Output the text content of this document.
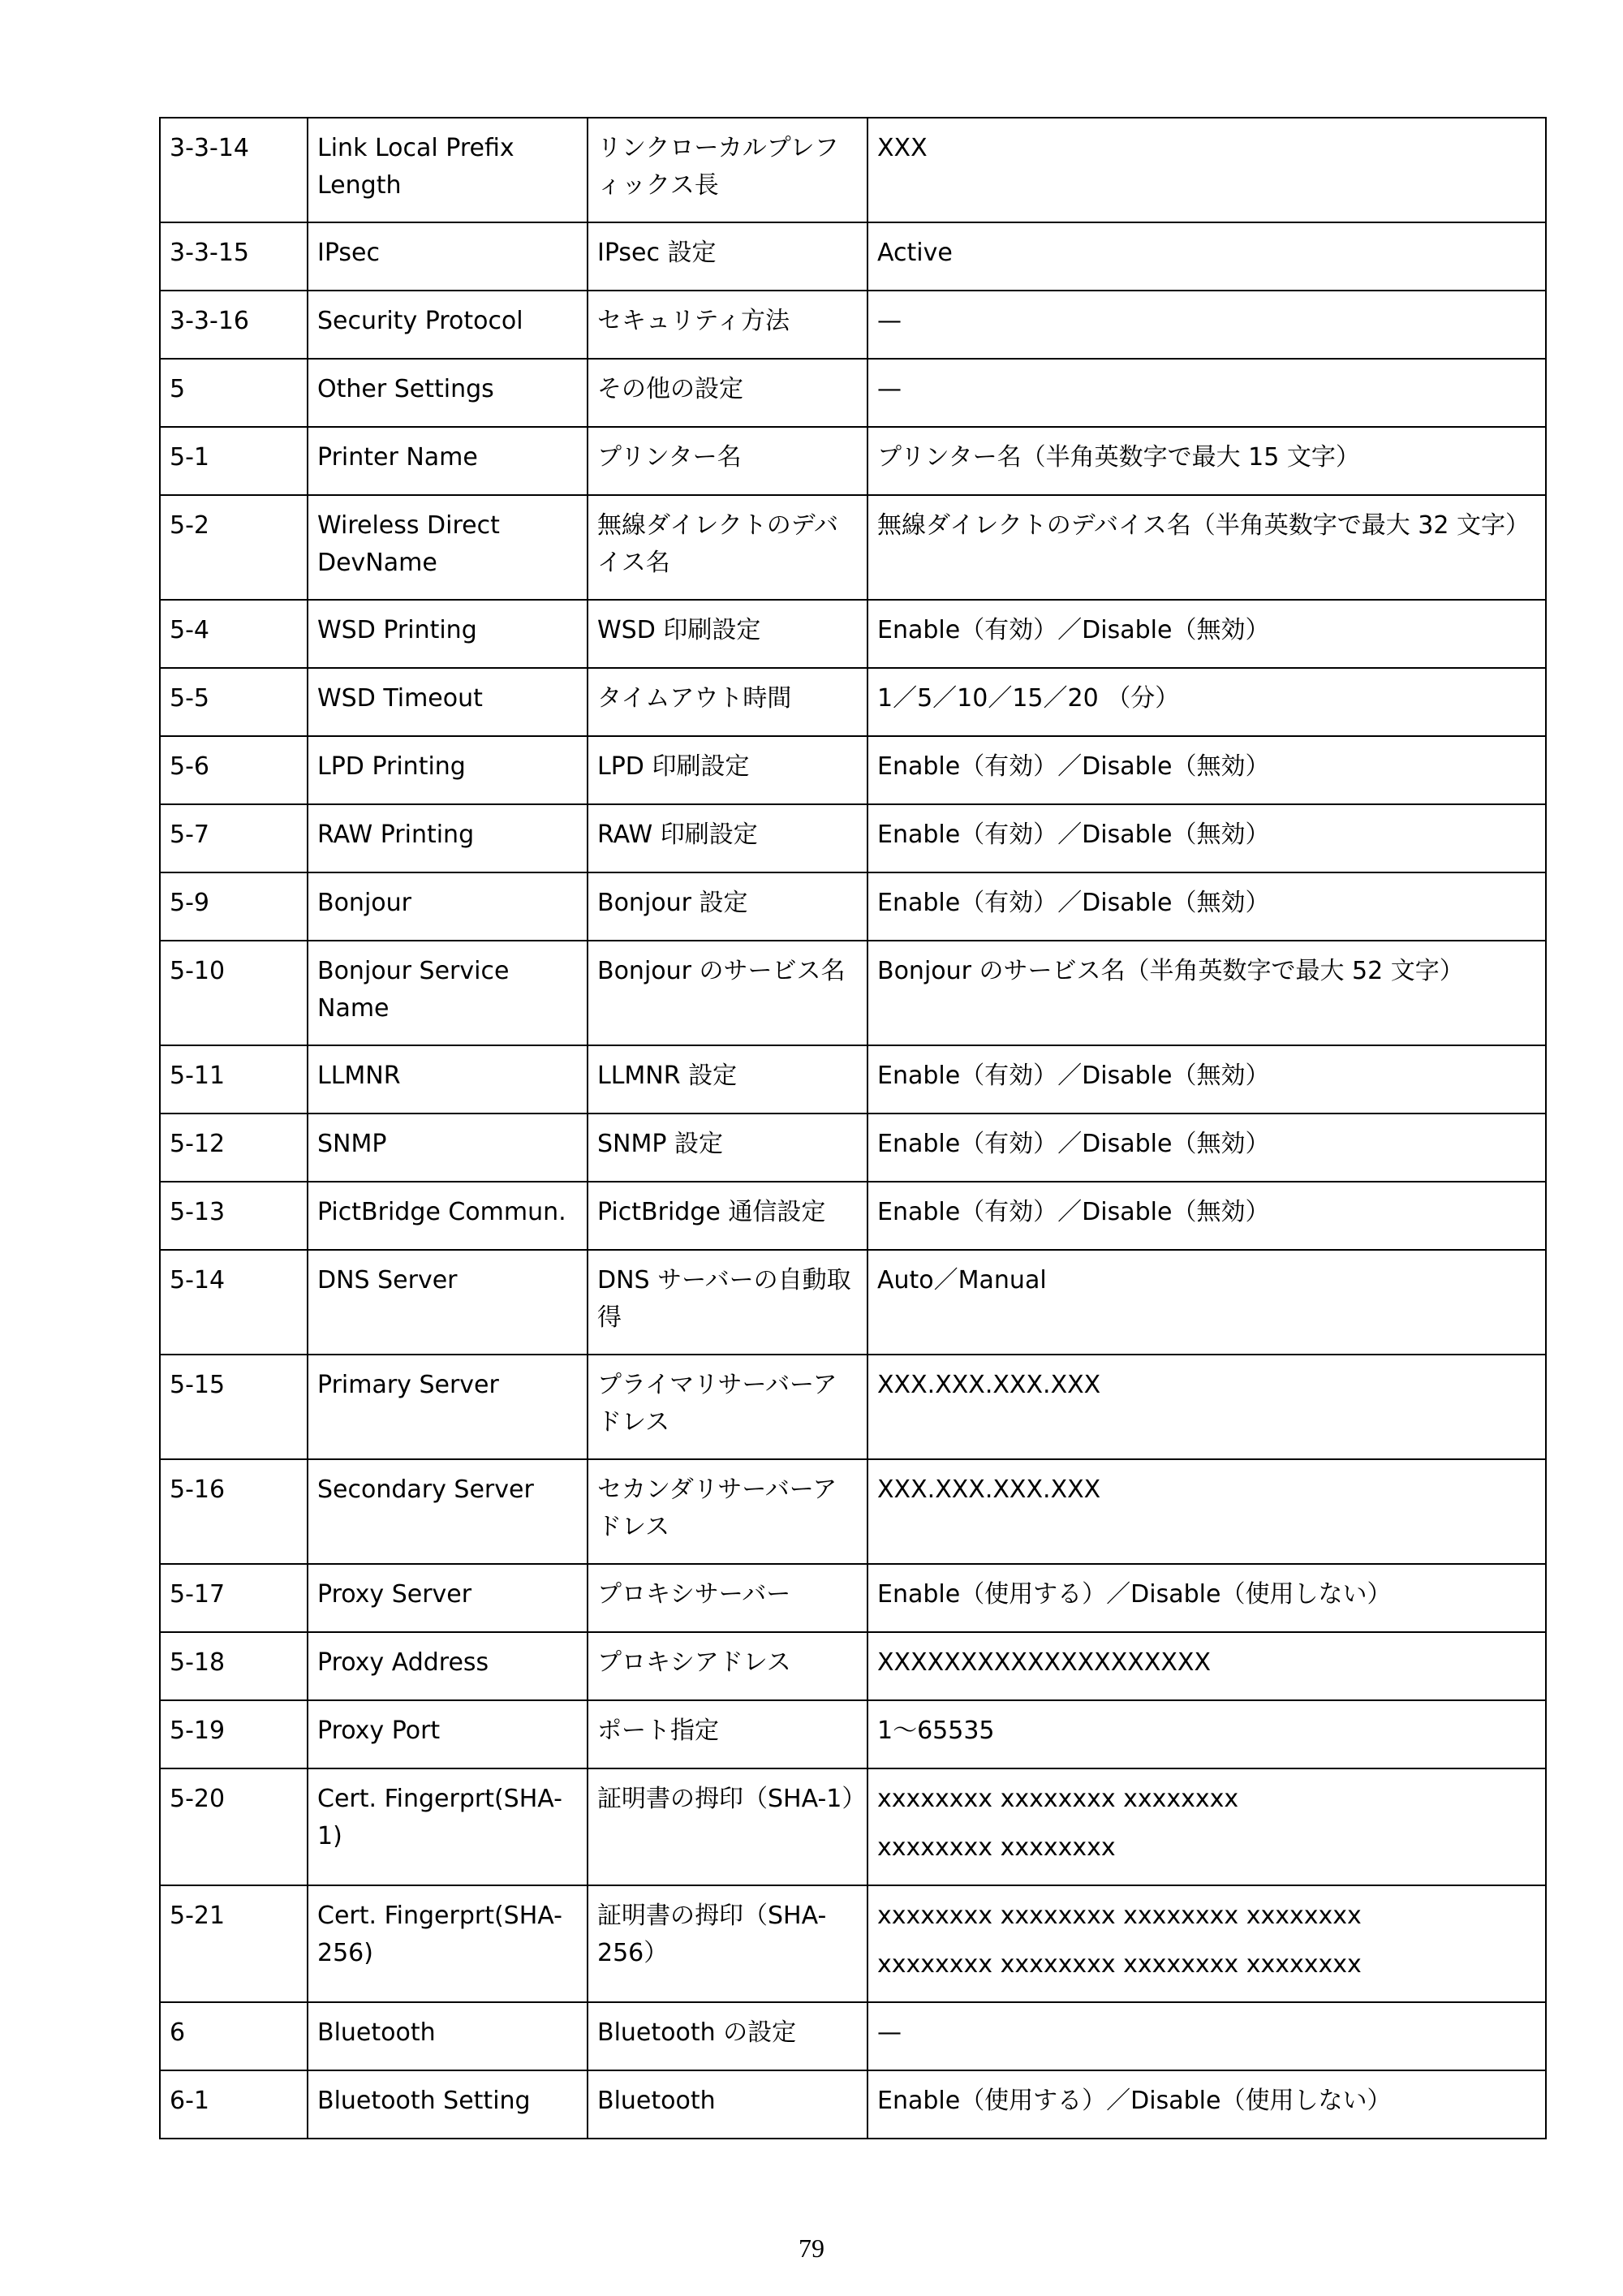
3-3-14	Link Local Prefix Length	リンクローカルプレフィックス長	XXX
3-3-15	IPsec	IPsec 設定	Active
3-3-16	Security Protocol	セキュリティ方法	—
5	Other Settings	その他の設定	—
5-1	Printer Name	プリンター名	プリンター名（半角英数字で最大 15 文字）
5-2	Wireless Direct DevName	無線ダイレクトのデバイス名	無線ダイレクトのデバイス名（半角英数字で最大 32 文字）
5-4	WSD Printing	WSD 印刷設定	Enable（有効）／Disable（無効）
5-5	WSD Timeout	タイムアウト時間	1／5／10／15／20 （分）
5-6	LPD Printing	LPD 印刷設定	Enable（有効）／Disable（無効）
5-7	RAW Printing	RAW 印刷設定	Enable（有効）／Disable（無効）
5-9	Bonjour	Bonjour 設定	Enable（有効）／Disable（無効）
5-10	Bonjour Service Name	Bonjour のサービス名	Bonjour のサービス名（半角英数字で最大 52 文字）
5-11	LLMNR	LLMNR 設定	Enable（有効）／Disable（無効）
5-12	SNMP	SNMP 設定	Enable（有効）／Disable（無効）
5-13	PictBridge Commun.	PictBridge 通信設定	Enable（有効）／Disable（無効）
5-14	DNS Server	DNS サーバーの自動取得	Auto／Manual
5-15	Primary Server	プライマリサーバーアドレス	XXX.XXX.XXX.XXX
5-16	Secondary Server	セカンダリサーバーアドレス	XXX.XXX.XXX.XXX
5-17	Proxy Server	プロキシサーバー	Enable（使用する）／Disable（使用しない）
5-18	Proxy Address	プロキシアドレス	XXXXXXXXXXXXXXXXXXXX
5-19	Proxy Port	ポート指定	1～65535
5-20	Cert. Fingerprt(SHA-1)	証明書の拇印（SHA-1）	xxxxxxxx xxxxxxxx xxxxxxxx
xxxxxxxx xxxxxxxx

5-21	Cert. Fingerprt(SHA-256)	証明書の拇印（SHA-256）	xxxxxxxx xxxxxxxx xxxxxxxx xxxxxxxx
xxxxxxxx xxxxxxxx xxxxxxxx xxxxxxxx

6	Bluetooth	Bluetooth の設定	—
6-1	Bluetooth Setting	Bluetooth	Enable（使用する）／Disable（使用しない）
79
